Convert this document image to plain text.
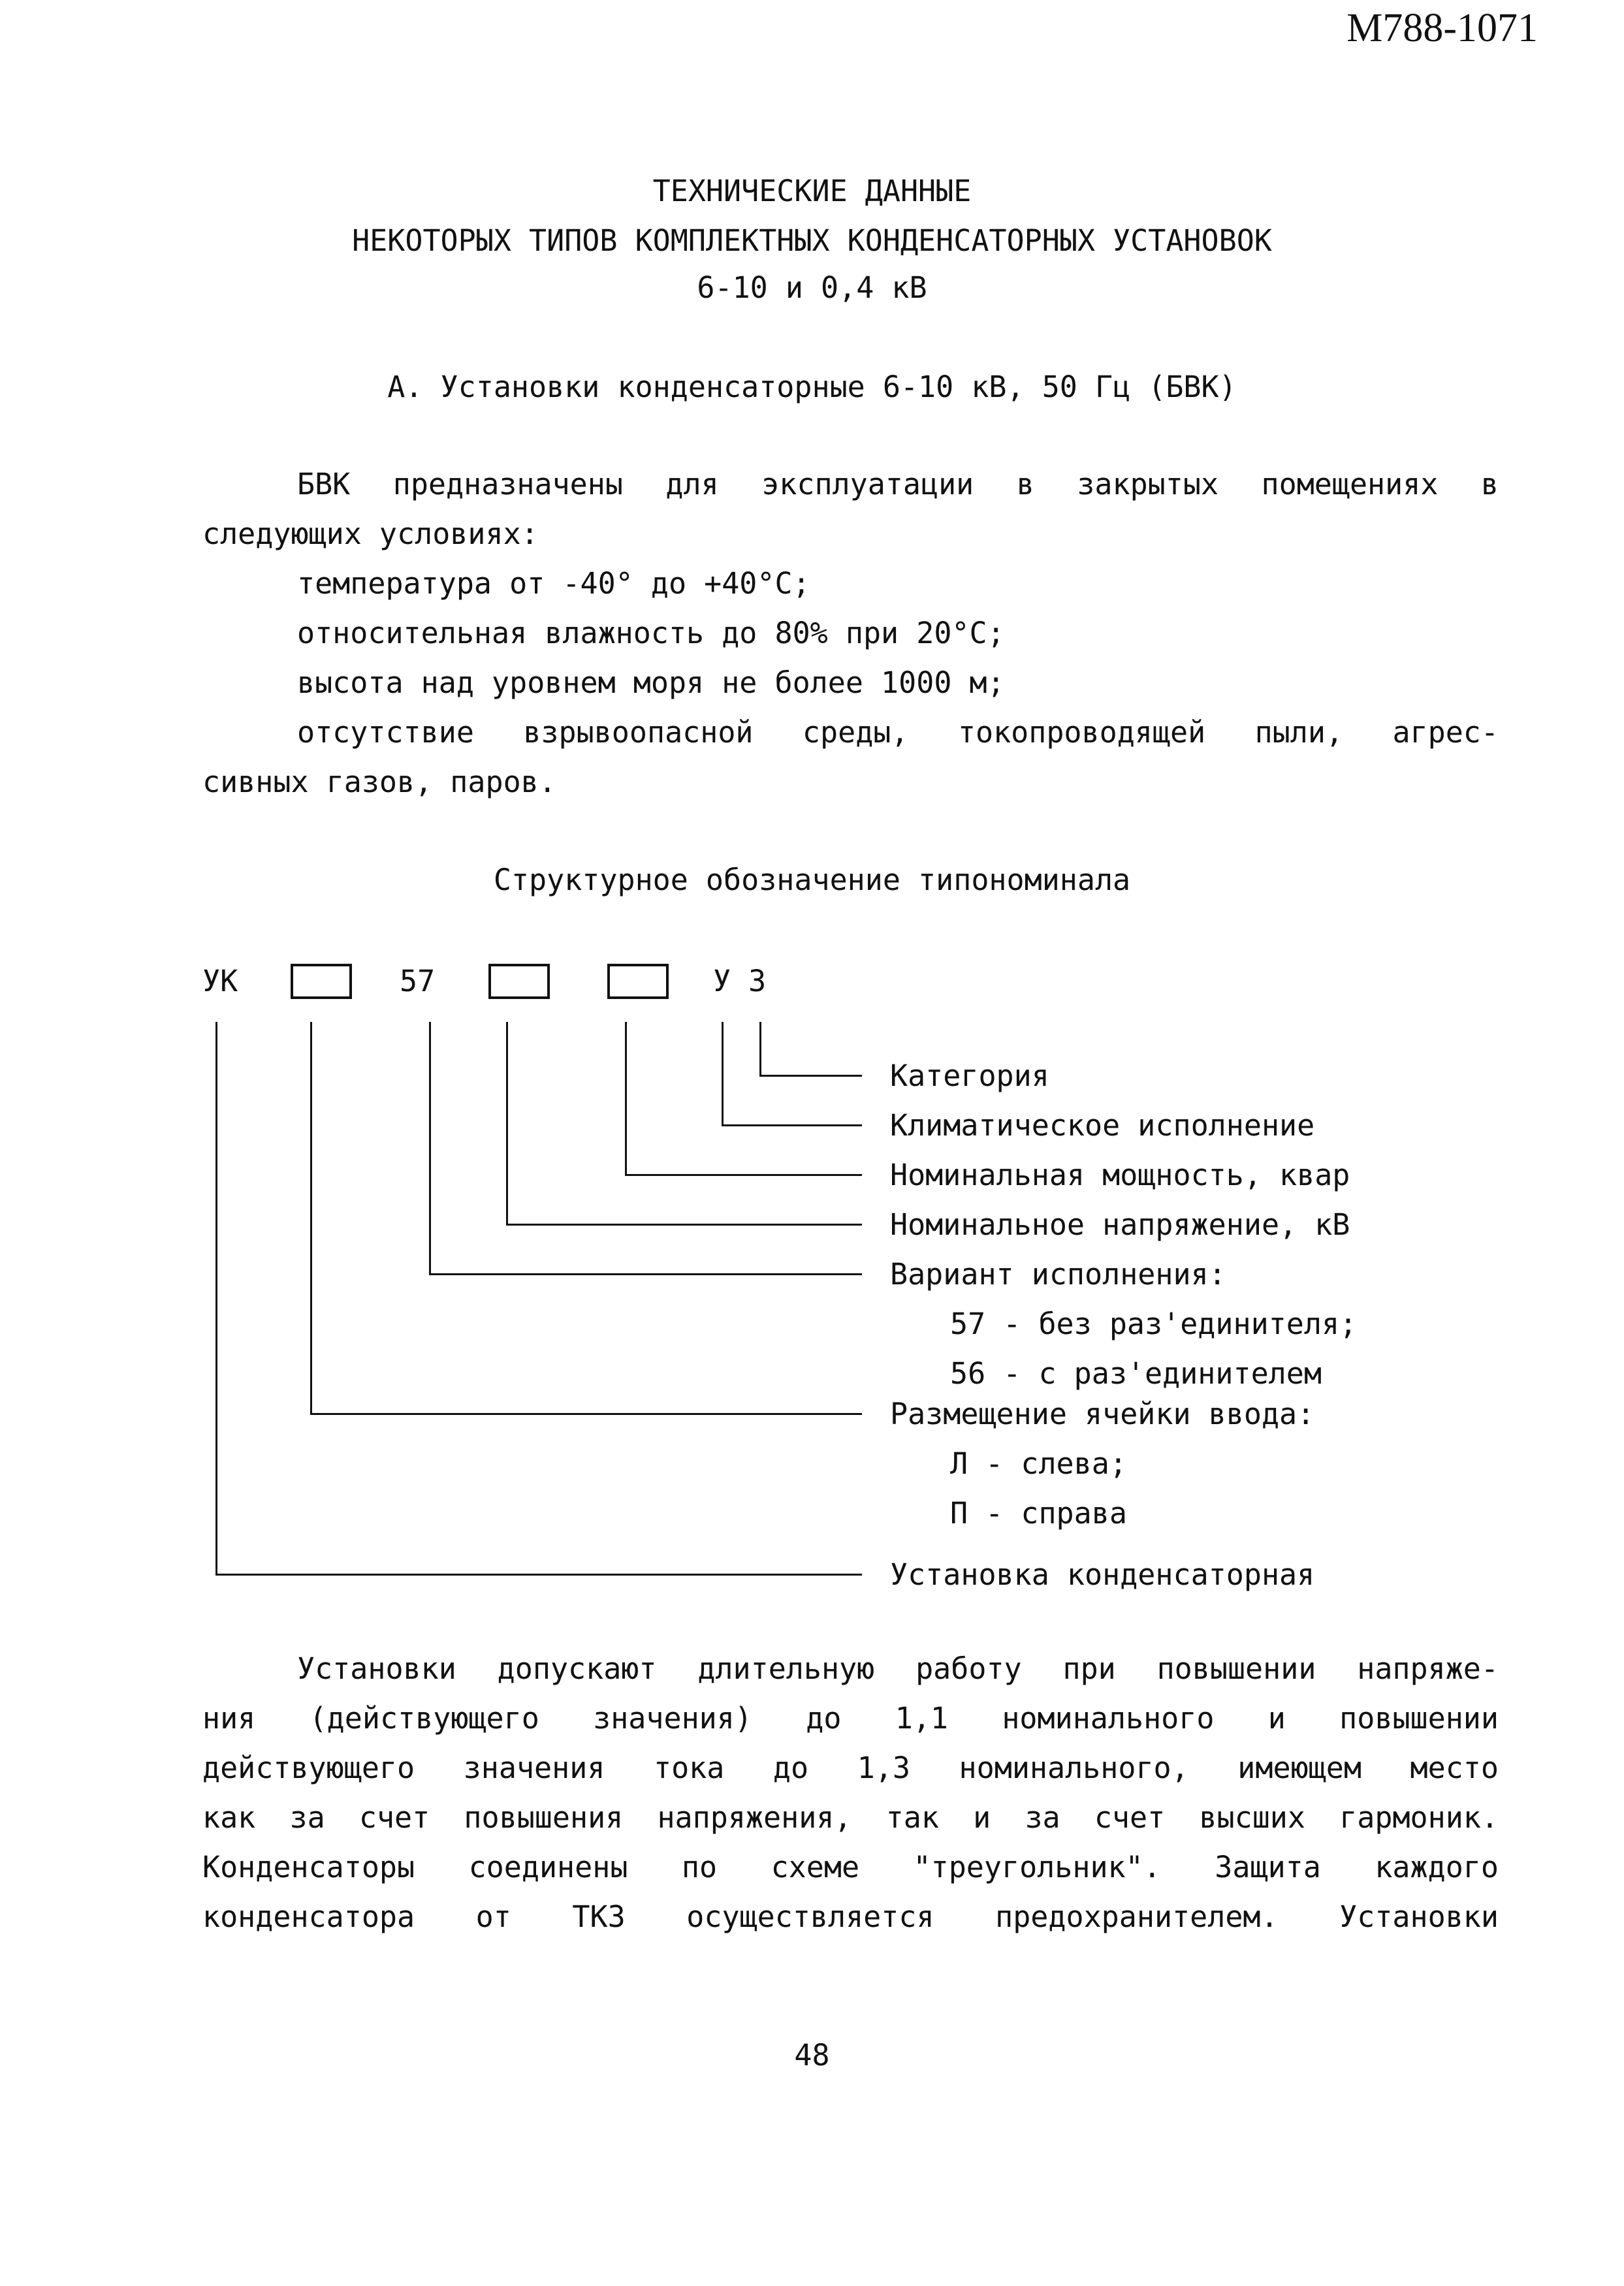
М788-1071
ТЕХНИЧЕСКИЕ ДАННЫЕ
НЕКОТОРЫХ ТИПОВ КОМПЛЕКТНЫХ КОНДЕНСАТОРНЫХ УСТАНОВОК
6-10 и 0,4 кВ
А. Установки конденсаторные 6-10 кВ, 50 Гц (БВК)
БВК предназначены для эксплуатации в закрытых помещениях в
следующих условиях:
температура от -40° до +40°С;
относительная влажность до 80% при 20°С;
высота над уровнем моря не более 1000 м;
отсутствие взрывоопасной среды, токопроводящей пыли, агрес-
сивных газов, паров.
Структурное обозначение типономинала
УК	57	У 3
Категория
Климатическое исполнение
Номинальная мощность, квар
Номинальное напряжение, кВ
Вариант исполнения:
57 - без раз'единителя;
56 - с раз'единителем
Размещение ячейки ввода:
Л - слева;
П - справа
Установка конденсаторная
Установки допускают длительную работу при повышении напряже-
ния (действующего значения) до 1,1 номинального и повышении
действующего значения тока до 1,3 номинального, имеющем место
как за счет повышения напряжения, так и за счет высших гармоник.
Конденсаторы соединены по схеме "треугольник". Защита каждого
конденсатора от ТКЗ осуществляется предохранителем. Установки
48
